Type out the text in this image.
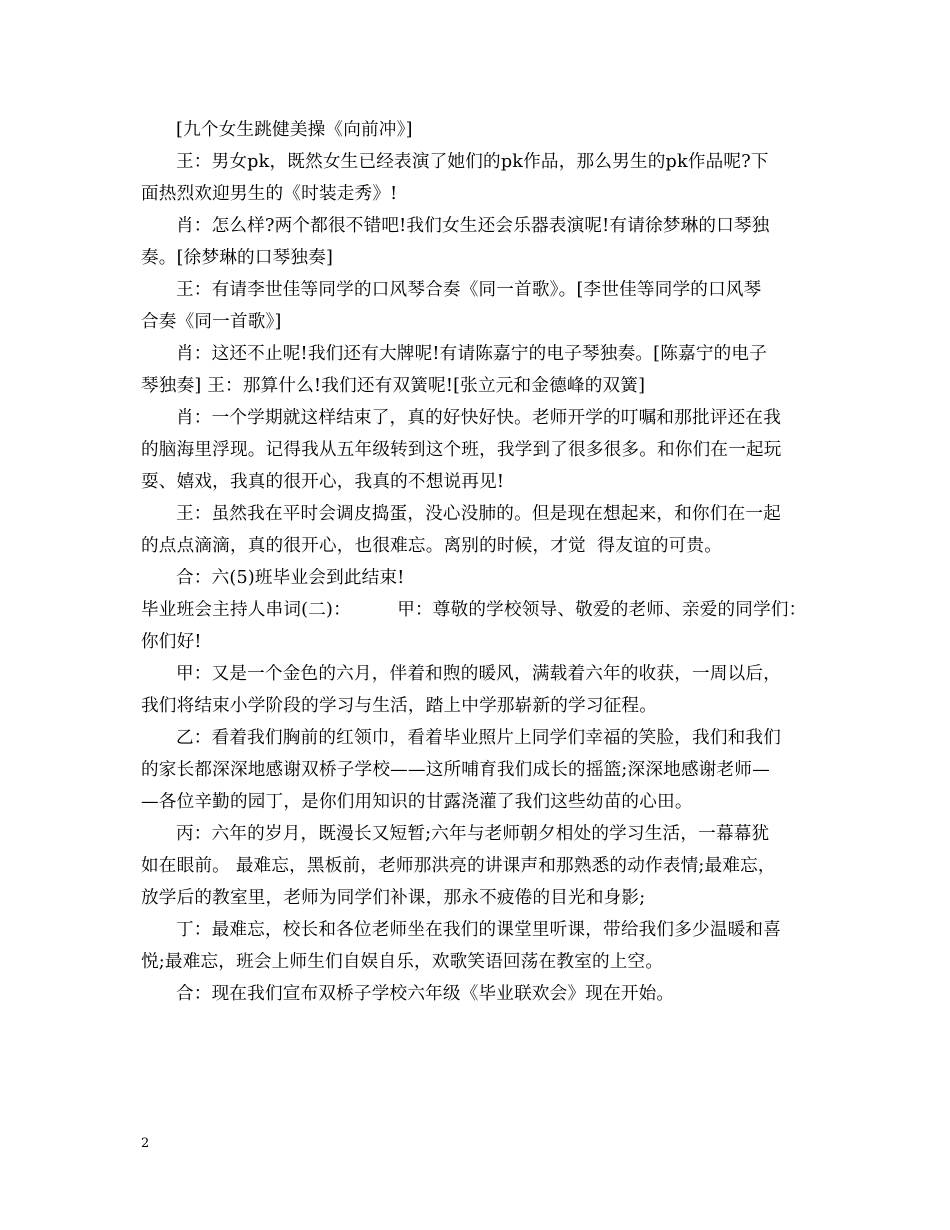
[九个女生跳健美操《向前冲》]
王：男女pk，既然女生已经表演了她们的pk作品，那么男生的pk作品呢?下
面热烈欢迎男生的《时装走秀》!
肖：怎么样?两个都很不错吧!我们女生还会乐器表演呢!有请徐梦琳的口琴独
奏。[徐梦琳的口琴独奏]
王：有请李世佳等同学的口风琴合奏《同一首歌》。[李世佳等同学的口风琴
合奏《同一首歌》]
肖：这还不止呢!我们还有大牌呢!有请陈嘉宁的电子琴独奏。[陈嘉宁的电子
琴独奏] 王：那算什么!我们还有双簧呢![张立元和金德峰的双簧]
肖：一个学期就这样结束了，真的好快好快。老师开学的叮嘱和那批评还在我
的脑海里浮现。记得我从五年级转到这个班，我学到了很多很多。和你们在一起玩
耍、嬉戏，我真的很开心，我真的不想说再见!
王：虽然我在平时会调皮捣蛋，没心没肺的。但是现在想起来，和你们在一起
的点点滴滴，真的很开心，也很难忘。离别的时候，才觉  得友谊的可贵。
合：六(5)班毕业会到此结束!
毕业班会主持人串词(二)：        甲：尊敬的学校领导、敬爱的老师、亲爱的同学们：
你们好!
甲：又是一个金色的六月，伴着和煦的暖风，满载着六年的收获，一周以后，
我们将结束小学阶段的学习与生活，踏上中学那崭新的学习征程。
乙：看着我们胸前的红领巾，看着毕业照片上同学们幸福的笑脸，我们和我们
的家长都深深地感谢双桥子学校——这所哺育我们成长的摇篮;深深地感谢老师—
—各位辛勤的园丁，是你们用知识的甘露浇灌了我们这些幼苗的心田。
丙：六年的岁月，既漫长又短暂;六年与老师朝夕相处的学习生活，一幕幕犹
如在眼前。 最难忘，黑板前，老师那洪亮的讲课声和那熟悉的动作表情;最难忘，
放学后的教室里，老师为同学们补课，那永不疲倦的目光和身影;
丁：最难忘，校长和各位老师坐在我们的课堂里听课，带给我们多少温暖和喜
悦;最难忘，班会上师生们自娱自乐，欢歌笑语回荡在教室的上空。
合：现在我们宣布双桥子学校六年级《毕业联欢会》现在开始。
2
